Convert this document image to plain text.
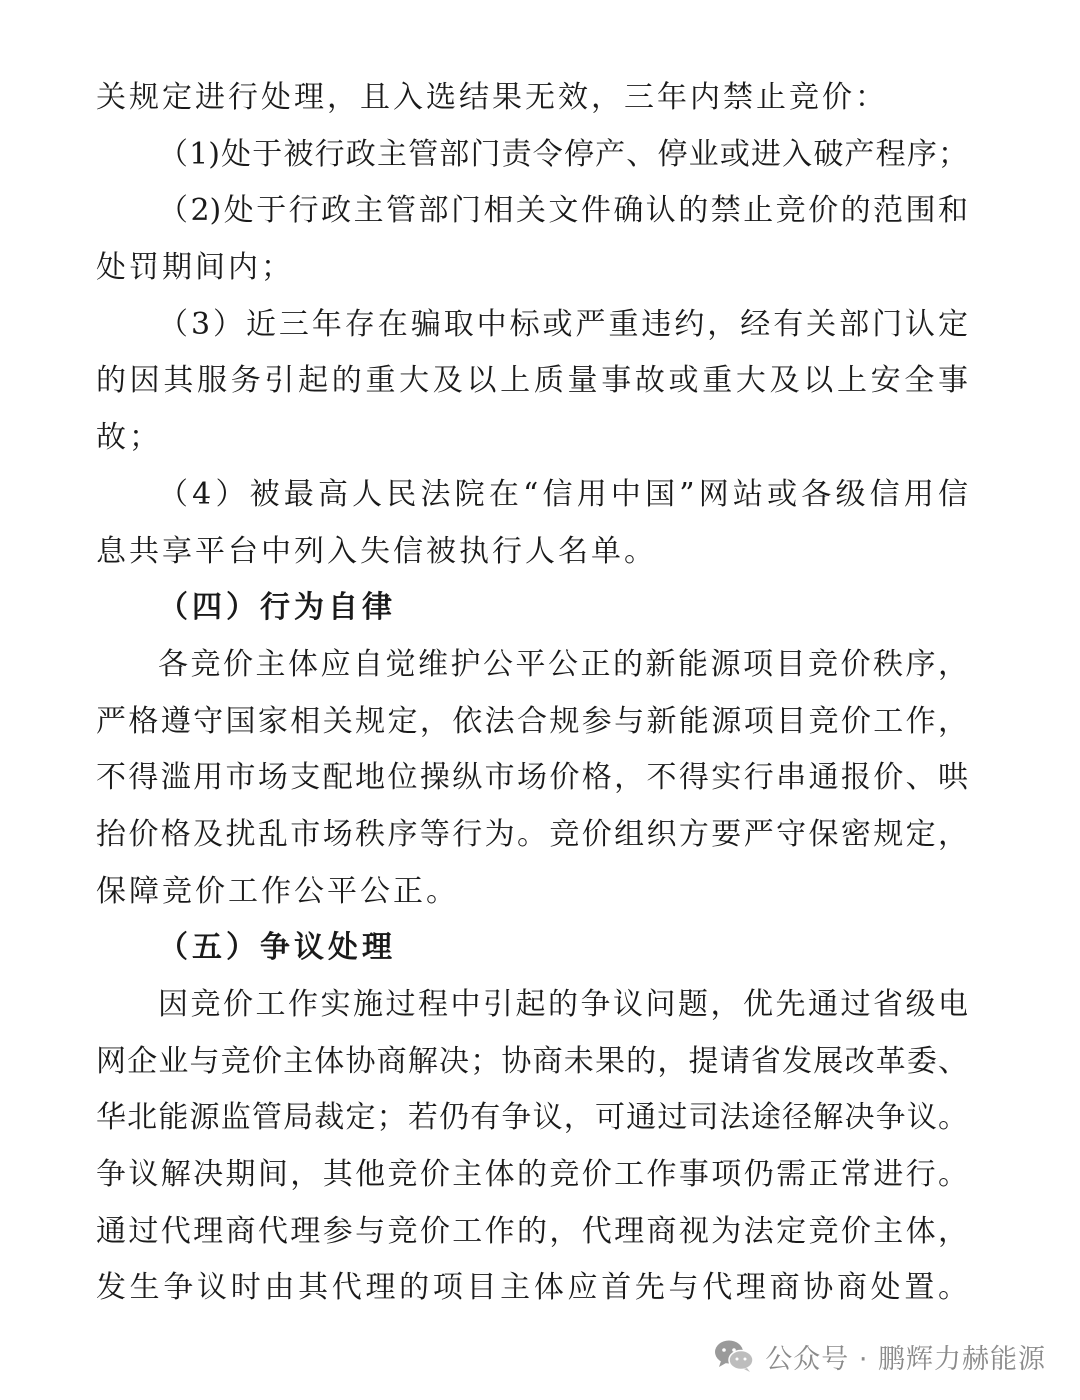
关规定进行处理，且入选结果无效，三年内禁止竞价：
（1)处于被行政主管部门责令停产、停业或进入破产程序；
（2)处于行政主管部门相关文件确认的禁止竞价的范围和
处罚期间内；
（3）近三年存在骗取中标或严重违约，经有关部门认定
的因其服务引起的重大及以上质量事故或重大及以上安全事
故；
（4）被最高人民法院在“信用中国”网站或各级信用信
息共享平台中列入失信被执行人名单。
（四）行为自律
各竞价主体应自觉维护公平公正的新能源项目竞价秩序，
严格遵守国家相关规定，依法合规参与新能源项目竞价工作，
不得滥用市场支配地位操纵市场价格，不得实行串通报价、哄
抬价格及扰乱市场秩序等行为。竞价组织方要严守保密规定，
保障竞价工作公平公正。
（五）争议处理
因竞价工作实施过程中引起的争议问题，优先通过省级电
网企业与竞价主体协商解决；协商未果的，提请省发展改革委、
华北能源监管局裁定；若仍有争议，可通过司法途径解决争议。
争议解决期间，其他竞价主体的竞价工作事项仍需正常进行。
通过代理商代理参与竞价工作的，代理商视为法定竞价主体，
发生争议时由其代理的项目主体应首先与代理商协商处置。
公众号 · 鹏辉力赫能源
